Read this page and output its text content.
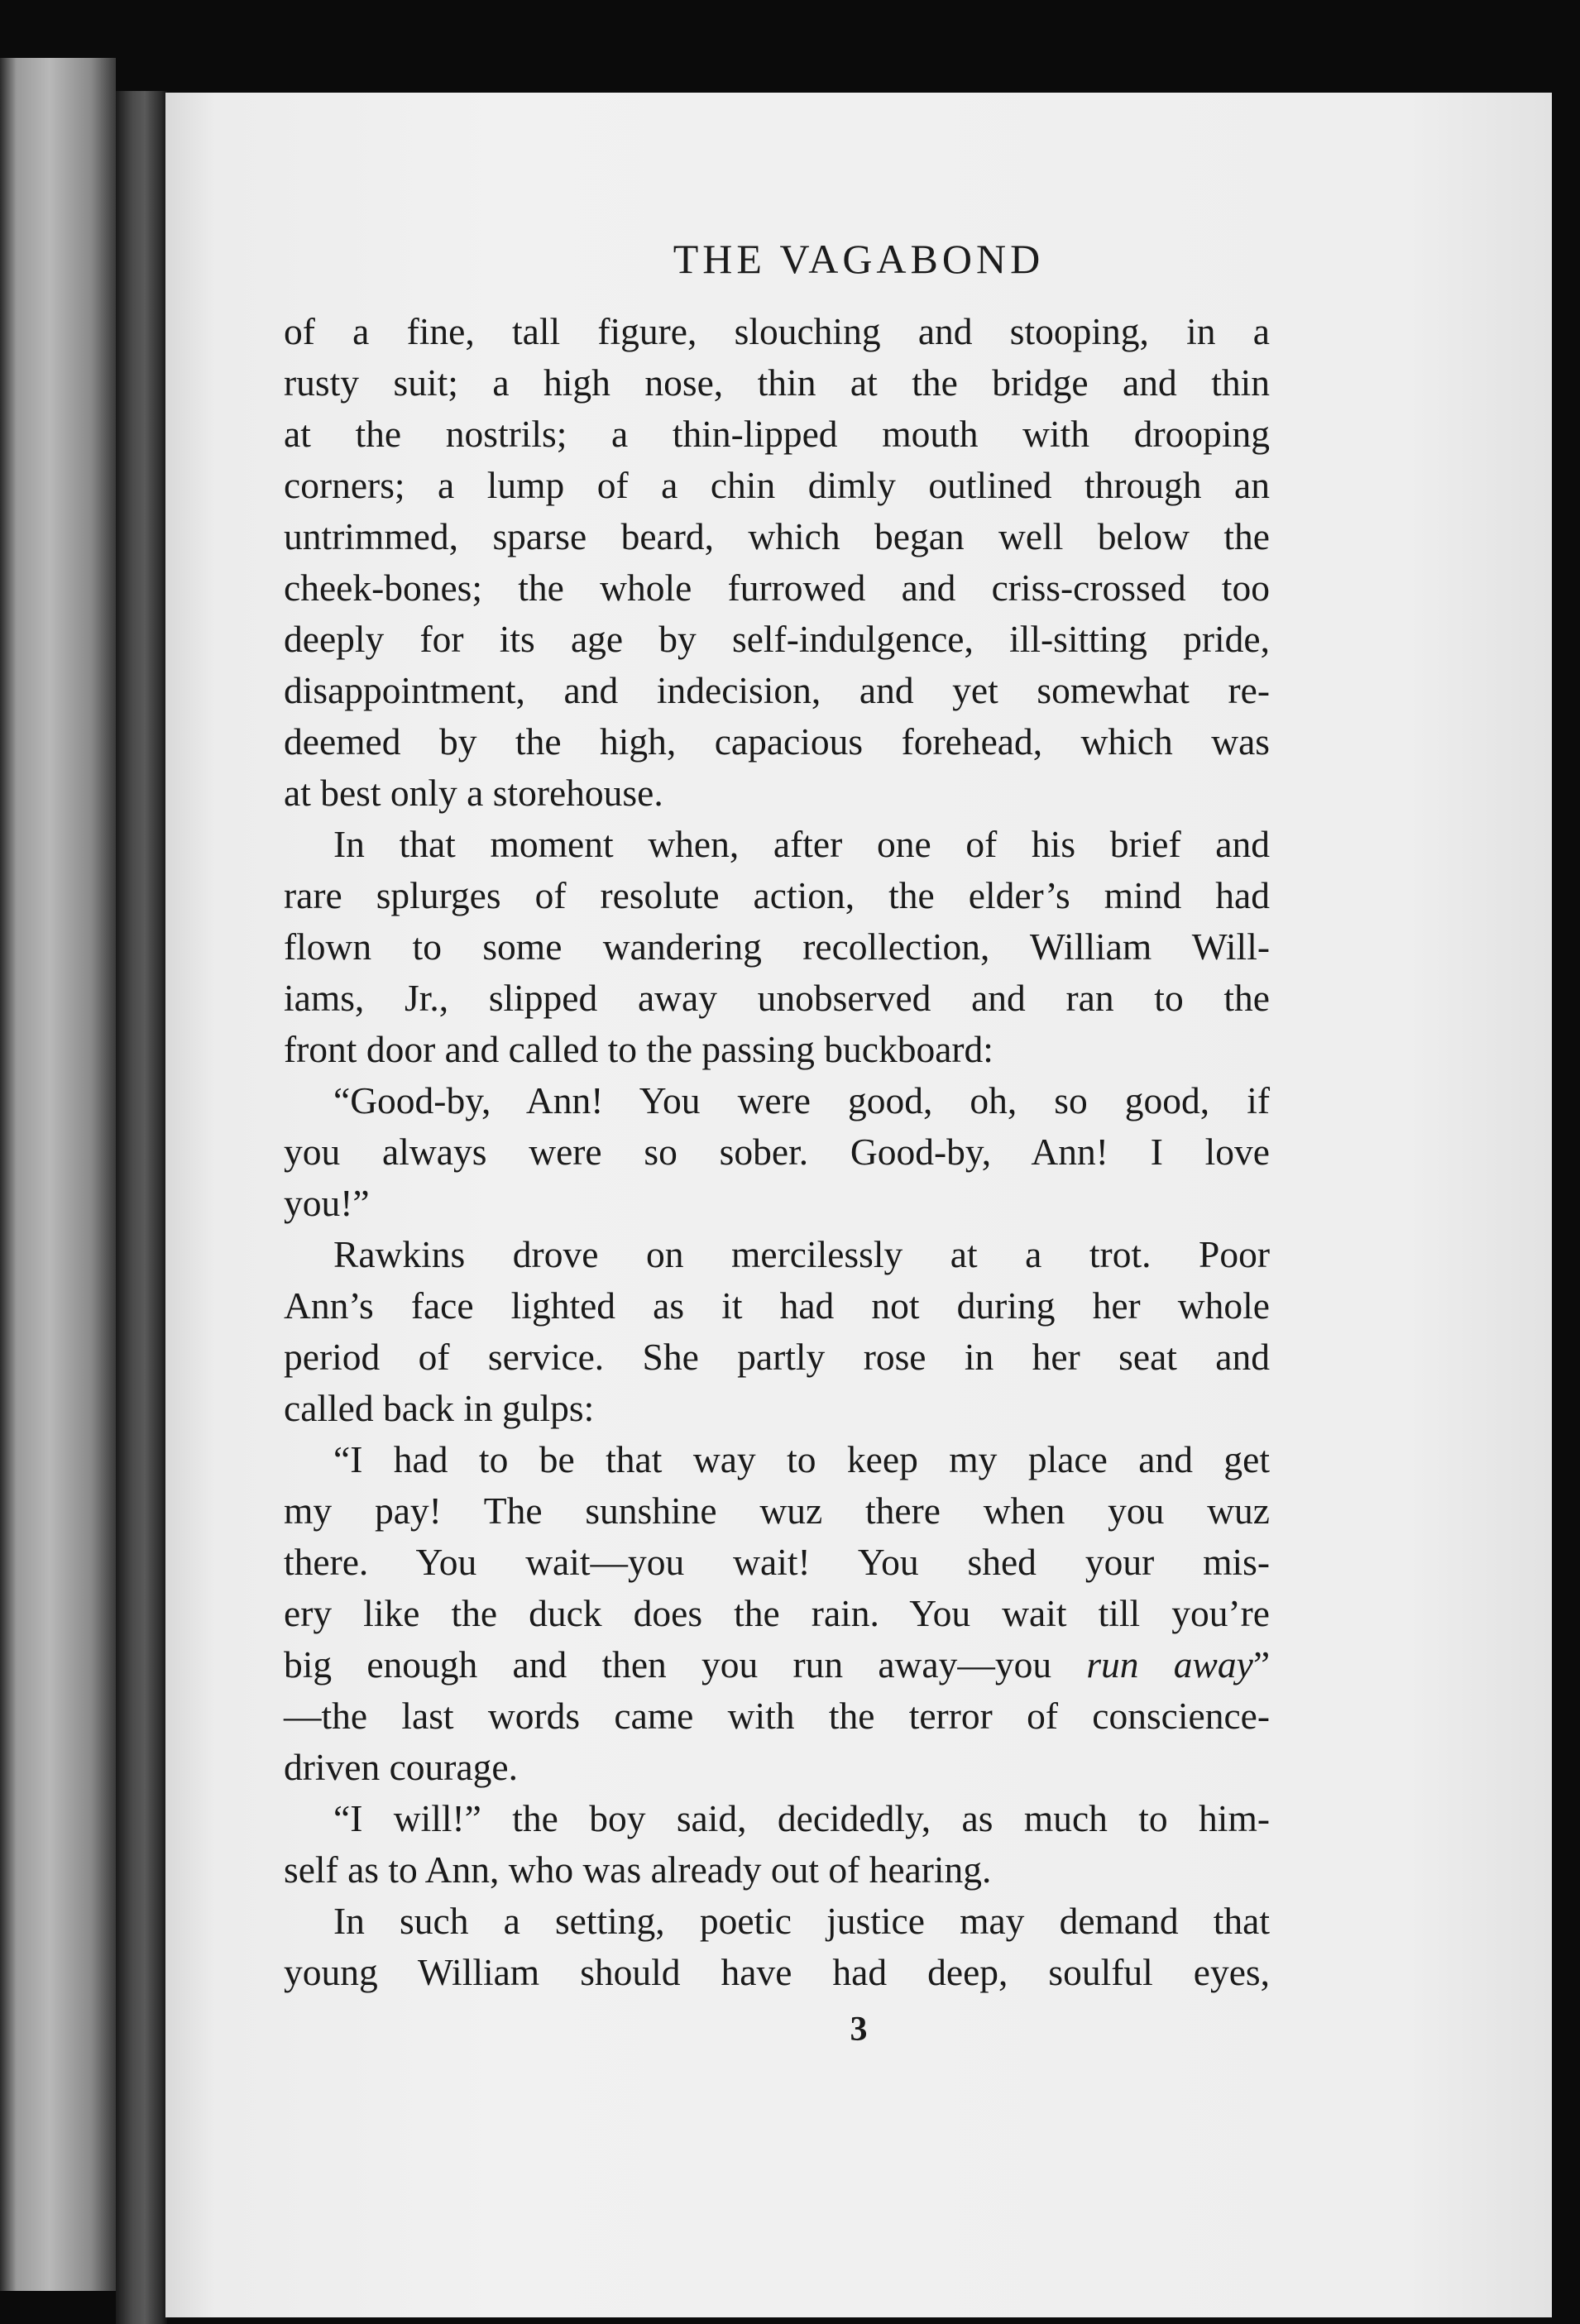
THE VAGABOND
of a fine, tall figure, slouching and stooping, in a
rusty suit; a high nose, thin at the bridge and thin
at the nostrils; a thin-lipped mouth with drooping
corners; a lump of a chin dimly outlined through an
untrimmed, sparse beard, which began well below the
cheek-bones; the whole furrowed and criss-crossed too
deeply for its age by self-indulgence, ill-sitting pride,
disappointment, and indecision, and yet somewhat re-
deemed by the high, capacious forehead, which was
at best only a storehouse.
In that moment when, after one of his brief and
rare splurges of resolute action, the elder’s mind had
flown to some wandering recollection, William Will-
iams, Jr., slipped away unobserved and ran to the
front door and called to the passing buckboard:
“Good-by, Ann! You were good, oh, so good, if
you always were so sober. Good-by, Ann! I love
you!”
Rawkins drove on mercilessly at a trot. Poor
Ann’s face lighted as it had not during her whole
period of service. She partly rose in her seat and
called back in gulps:
“I had to be that way to keep my place and get
my pay! The sunshine wuz there when you wuz
there. You wait—you wait! You shed your mis-
ery like the duck does the rain. You wait till you’re
big enough and then you run away—you run away”
—the last words came with the terror of conscience-
driven courage.
“I will!” the boy said, decidedly, as much to him-
self as to Ann, who was already out of hearing.
In such a setting, poetic justice may demand that
young William should have had deep, soulful eyes,
3
